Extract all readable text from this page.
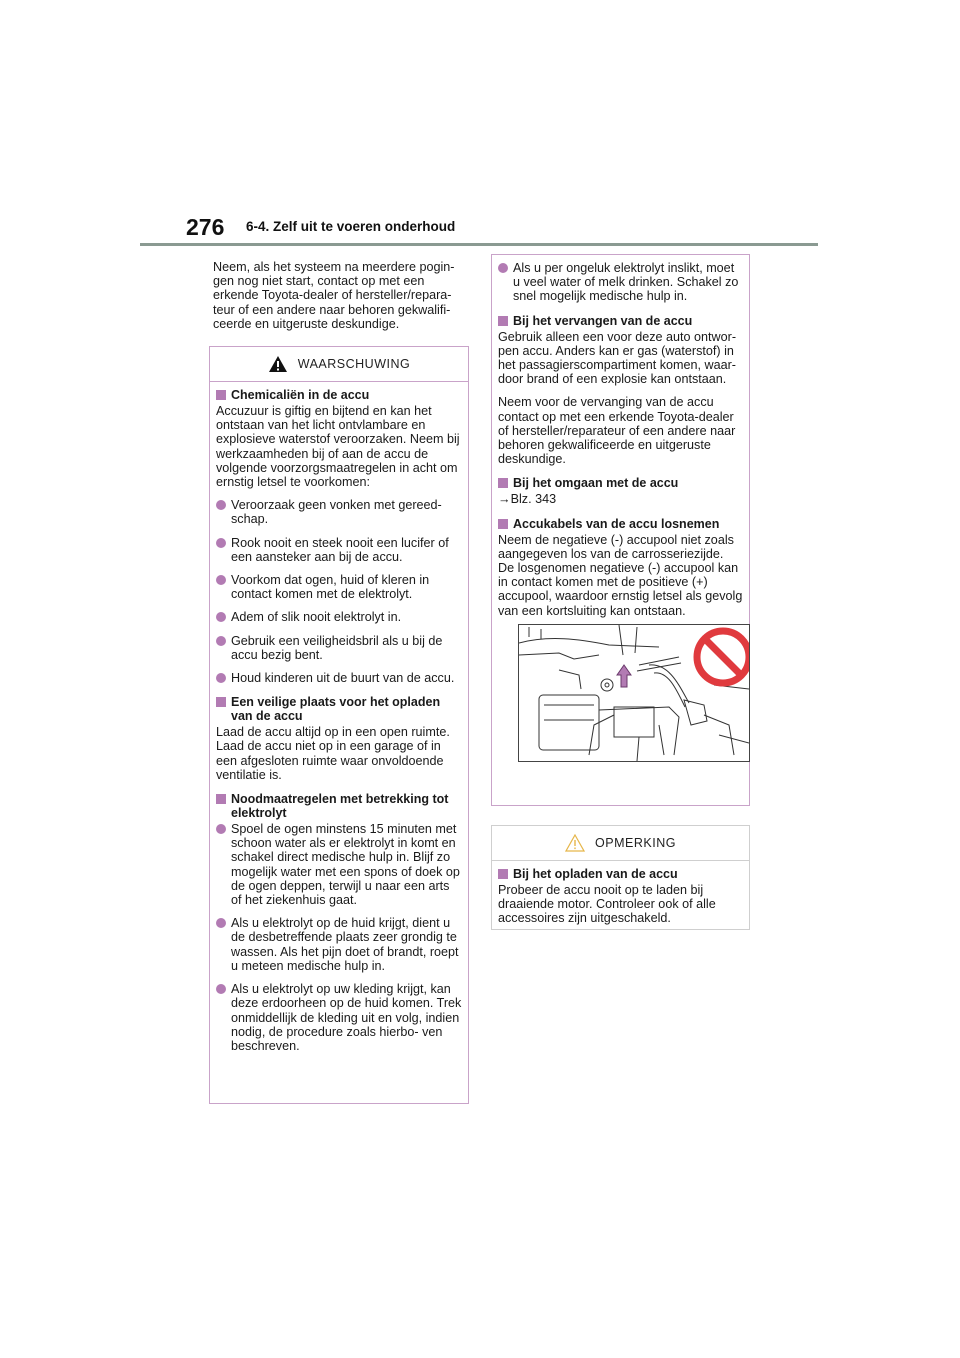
276 6-4. Zelf uit te voeren onderhoud

Neem, als het systeem na meerdere pogin- gen nog niet start, contact op met een erkende Toyota-dealer of hersteller/repara- teur of een andere naar behoren gekwalifi- ceerde en uitgeruste deskundige.

WAARSCHUWING
Chemicaliën in de accu

Accuzuur is giftig en bijtend en kan het ontstaan van het licht ontvlambare en explosieve waterstof veroorzaken. Neem bij werkzaamheden bij of aan de accu de volgende voorzorgsmaatregelen in acht om ernstig letsel te voorkomen:

Veroorzaak geen vonken met gereed- schap.
Rook nooit en steek nooit een lucifer of een aansteker aan bij de accu.
Voorkom dat ogen, huid of kleren in contact komen met de elektrolyt.
Adem of slik nooit elektrolyt in.
Gebruik een veiligheidsbril als u bij de accu bezig bent.
Houd kinderen uit de buurt van de accu.
Een veilige plaats voor het opladen van de accu

Laad de accu altijd op in een open ruimte. Laad de accu niet op in een garage of in een afgesloten ruimte waar onvoldoende ventilatie is.

Noodmaatregelen met betrekking tot elektrolyt
Spoel de ogen minstens 15 minuten met schoon water als er elektrolyt in komt en schakel direct medische hulp in. Blijf zo mogelijk water met een spons of doek op de ogen deppen, terwijl u naar een arts of het ziekenhuis gaat.
Als u elektrolyt op de huid krijgt, dient u de desbetreffende plaats zeer grondig te wassen. Als het pijn doet of brandt, roept u meteen medische hulp in.
Als u elektrolyt op uw kleding krijgt, kan deze erdoorheen op de huid komen. Trek onmiddellijk de kleding uit en volg, indien nodig, de procedure zoals hierbo- ven beschreven.
Als u per ongeluk elektrolyt inslikt, moet u veel water of melk drinken. Schakel zo snel mogelijk medische hulp in.
Bij het vervangen van de accu

Gebruik alleen een voor deze auto ontwor- pen accu. Anders kan er gas (waterstof) in het passagierscompartiment komen, waar- door brand of een explosie kan ontstaan.

Neem voor de vervanging van de accu contact op met een erkende Toyota-dealer of hersteller/reparateur of een andere naar behoren gekwalificeerde en uitgeruste deskundige.

Bij het omgaan met de accu

→Blz. 343

Accukabels van de accu losnemen

Neem de negatieve (-) accupool niet zoals aangegeven los van de carrosseriezijde. De losgenomen negatieve (-) accupool kan in contact komen met de positieve (+) accupool, waardoor ernstig letsel als gevolg van een kortsluiting kan ontstaan.

OPMERKING
Bij het opladen van de accu

Probeer de accu nooit op te laden bij draaiende motor. Controleer ook of alle accessoires zijn uitgeschakeld.
